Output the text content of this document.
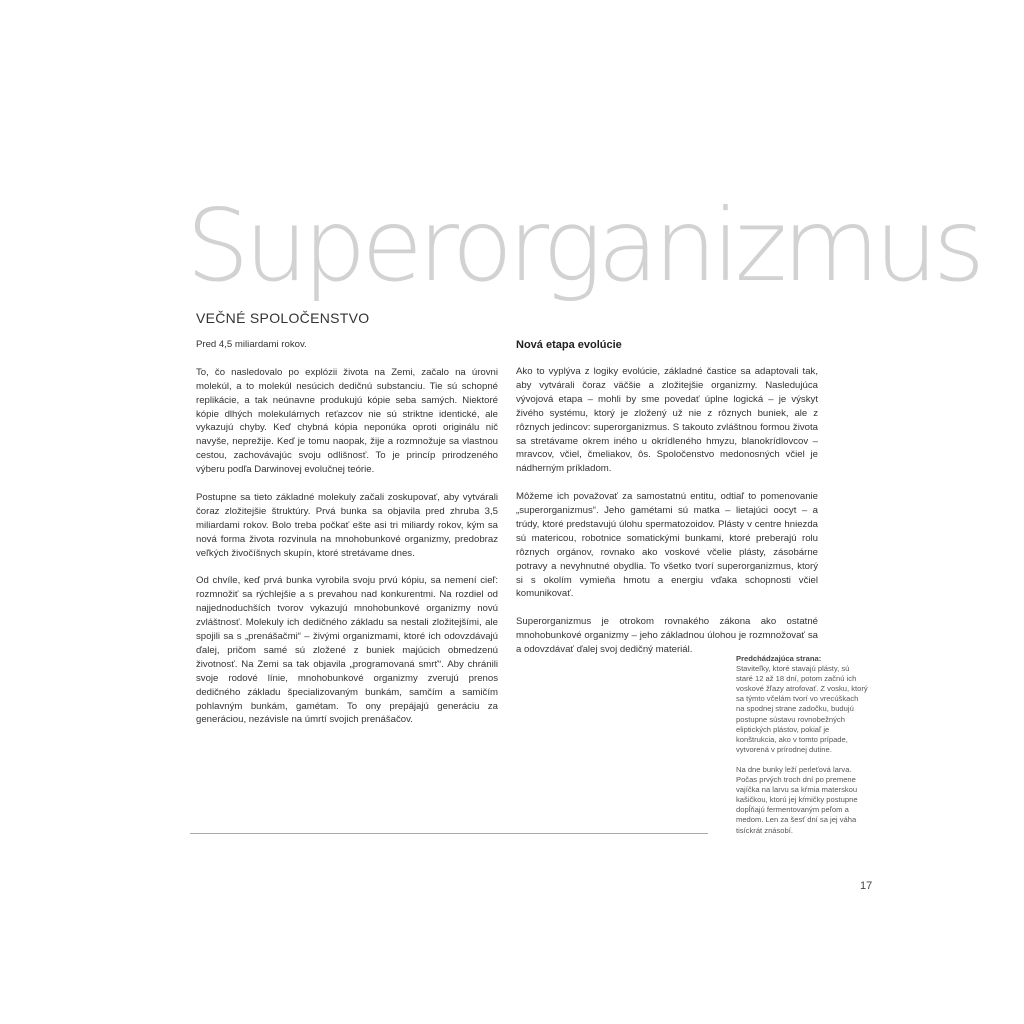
Superorganizmus
VEČNÉ SPOLOČENSTVO

Pred 4,5 miliardami rokov.

To, čo nasledovalo po explózii života na Zemi, začalo na úrovni molekúl, a to molekúl nesúcich dedičnú substanciu. Tie sú schopné replikácie, a tak neúnavne produkujú kópie seba samých. Niektoré kópie dlhých molekulárnych reťazcov nie sú striktne identické, ale vykazujú chyby. Keď chybná kópia neponúka oproti originálu nič navyše, neprežije. Keď je tomu naopak, žije a rozmnožuje sa vlastnou cestou, zachovávajúc svoju odlišnosť. To je princíp prirodzeného výberu podľa Darwinovej evolučnej teórie.

Postupne sa tieto základné molekuly začali zoskupovať, aby vytvárali čoraz zložitejšie štruktúry. Prvá bunka sa objavila pred zhruba 3,5 miliardami rokov. Bolo treba počkať ešte asi tri miliardy rokov, kým sa nová forma života rozvinula na mnohobunkové organizmy, predobraz veľkých živočíšnych skupín, ktoré stretávame dnes.

Od chvíle, keď prvá bunka vyrobila svoju prvú kópiu, sa nemení cieľ: rozmnožiť sa rýchlejšie a s prevahou nad konkurentmi. Na rozdiel od najjednoduchších tvorov vykazujú mnohobunkové organizmy novú zvláštnosť. Molekuly ich dedičného základu sa nestali zložitejšími, ale spojili sa s „prenášačmi“ – živými organizmami, ktoré ich odovzdávajú ďalej, pričom samé sú zložené z buniek majúcich obmedzenú životnosť. Na Zemi sa tak objavila „programovaná smrť“. Aby chránili svoje rodové línie, mnohobunkové organizmy zverujú prenos dedičného základu špecializovaným bunkám, samčím a samičím pohlavným bunkám, gamétam. To ony prepájajú generáciu za generáciou, nezávisle na úmrtí svojich prenášačov.

Nová etapa evolúcie

Ako to vyplýva z logiky evolúcie, základné častice sa adaptovali tak, aby vytvárali čoraz väčšie a zložitejšie organizmy. Nasledujúca vývojová etapa – mohli by sme povedať úplne logická – je výskyt živého systému, ktorý je zložený už nie z rôznych buniek, ale z rôznych jedincov: superorganizmus. S takouto zvláštnou formou života sa stretávame okrem iného u okrídleného hmyzu, blanokrídlovcov – mravcov, včiel, čmeliakov, ôs. Spoločenstvo medonosných včiel je nádherným príkladom.

Môžeme ich považovať za samostatnú entitu, odtiaľ to pomenovanie „superorganizmus“. Jeho gamétami sú matka – lietajúci oocyt – a trúdy, ktoré predstavujú úlohu spermatozoidov. Plásty v centre hniezda sú matericou, robotnice somatickými bunkami, ktoré preberajú rolu rôznych orgánov, rovnako ako voskové včelie plásty, zásobárne potravy a nevyhnutné obydlia. To všetko tvorí superorganizmus, ktorý si s okolím vymieňa hmotu a energiu vďaka schopnosti včiel komunikovať.

Superorganizmus je otrokom rovnakého zákona ako ostatné mnohobunkové organizmy – jeho základnou úlohou je rozmnožovať sa a odovzdávať ďalej svoj dedičný materiál.

Predchádzajúca strana:

Staviteľky, ktoré stavajú plásty, sú staré 12 až 18 dní, potom začnú ich voskové žľazy atrofovať. Z vosku, ktorý sa týmto včelám tvorí vo vrecúškach na spodnej strane zadočku, budujú postupne sústavu rovnobežných eliptických plástov, pokiaľ je konštrukcia, ako v tomto prípade, vytvorená v prírodnej dutine.

Na dne bunky leží perleťová larva. Počas prvých troch dní po premene vajíčka na larvu sa kŕmia materskou kašičkou, ktorú jej kŕmičky postupne dopĺňajú fermentovaným peľom a medom. Len za šesť dní sa jej váha tisíckrát znásobí.

17
